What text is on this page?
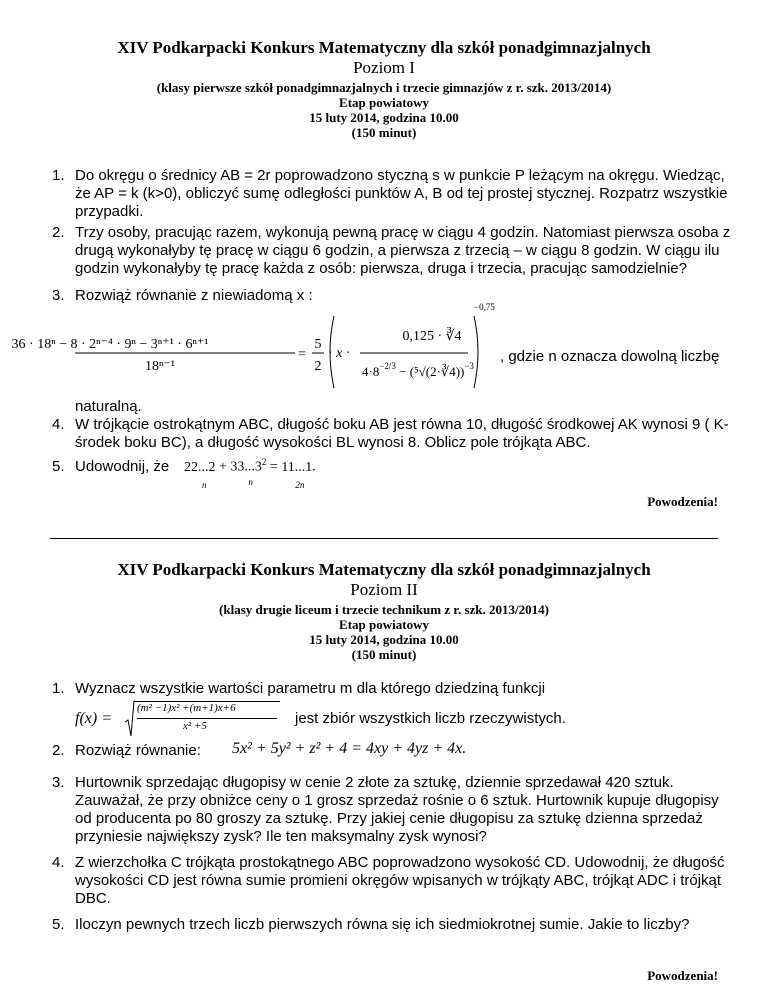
XIV Podkarpacki Konkurs Matematyczny dla szkół ponadgimnazjalnych
Poziom I
(klasy pierwsze szkół ponadgimnazjalnych i trzecie gimnazjów z r. szk. 2013/2014)
Etap powiatowy
15 luty 2014, godzina 10.00
(150 minut)
1. Do okręgu o średnicy AB = 2r poprowadzono styczną s w punkcie P leżącym na okręgu. Wiedząc, że AP = k (k>0), obliczyć sumę odległości punktów A, B od tej prostej stycznej. Rozpatrz wszystkie przypadki.
2. Trzy osoby, pracując razem, wykonują pewną pracę w ciągu 4 godzin. Natomiast pierwsza osoba z drugą wykonałyby tę pracę w ciągu 6 godzin, a pierwsza z trzecią – w ciągu 8 godzin. W ciągu ilu godzin wykonałyby tę pracę każda z osób: pierwsza, druga i trzecia, pracując samodzielnie?
3. Rozwiąż równanie z niewiadomą x :
36 · 18ⁿ − 8 · 2ⁿ⁻⁴ · 9ⁿ − 3ⁿ⁺¹ · 6ⁿ⁺¹
18ⁿ⁻¹
=
5
2
· x ·
0,125 · ∛4
$4\cdot 8^{-2/3}$ − (⁵√(2·∛4))$^{-3}$
−0,75
, gdzie n oznacza dowolną liczbę
naturalną.
4. W trójkącie ostrokątnym ABC, długość boku AB jest równa 10, długość środkowej AK wynosi 9 ( K- środek boku BC), a długość wysokości BL wynosi 8. Oblicz pole trójkąta ABC.
5. Udowodnij, że	22...2
n
+ $33...3^2$
n
= 11...1
2n
.
Powodzenia!
XIV Podkarpacki Konkurs Matematyczny dla szkół ponadgimnazjalnych
Poziom II
(klasy drugie liceum i trzecie technikum z r. szk. 2013/2014)
Etap powiatowy
15 luty 2014, godzina 10.00
(150 minut)
1. Wyznacz wszystkie wartości parametru m dla którego dziedziną funkcji
f(x) =
(m² −1)x² +(m+1)x+6
x² +5	jest zbiór wszystkich liczb rzeczywistych.
2. Rozwiąż równanie:	5x² + 5y² + z² + 4 = 4xy + 4yz + 4x.
3. Hurtownik sprzedając długopisy w cenie 2 złote za sztukę, dziennie sprzedawał 420 sztuk. Zauważał, że przy obniżce ceny o 1 grosz sprzedaż rośnie o 6 sztuk. Hurtownik kupuje długopisy od producenta po 80 groszy za sztukę. Przy jakiej cenie długopisu za sztukę dzienna sprzedaż przyniesie największy zysk? Ile ten maksymalny zysk wynosi?
4. Z wierzchołka C trójkąta prostokątnego ABC poprowadzono wysokość CD. Udowodnij, że długość wysokości CD jest równa sumie promieni okręgów wpisanych w trójkąty ABC, trójkąt ADC i trójkąt DBC.
5. Iloczyn pewnych trzech liczb pierwszych równa się ich siedmiokrotnej sumie. Jakie to liczby?
Powodzenia!
